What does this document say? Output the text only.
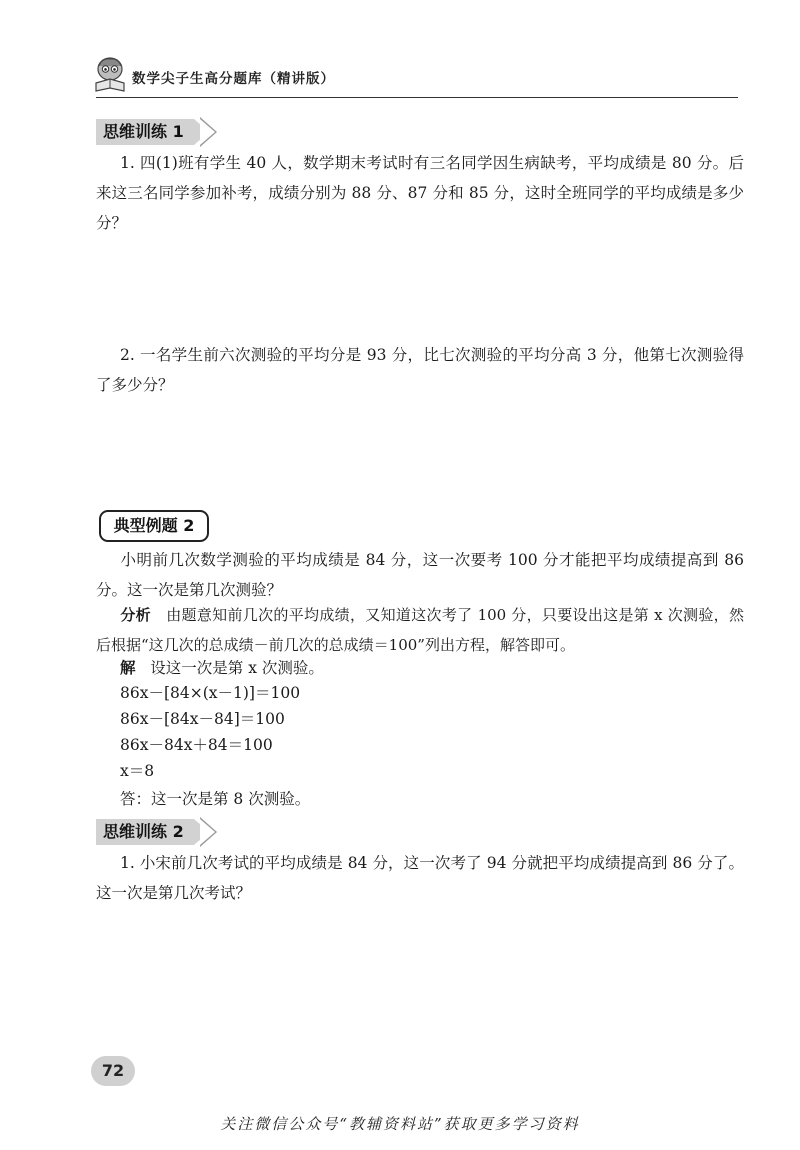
数学尖子生高分题库（精讲版）
思维训练 1
1. 四(1)班有学生 40 人，数学期末考试时有三名同学因生病缺考，平均成绩是 80 分。后来这三名同学参加补考，成绩分别为 88 分、87 分和 85 分，这时全班同学的平均成绩是多少分？
2. 一名学生前六次测验的平均分是 93 分，比七次测验的平均分高 3 分，他第七次测验得了多少分？
典型例题 2
小明前几次数学测验的平均成绩是 84 分，这一次要考 100 分才能把平均成绩提高到 86 分。这一次是第几次测验？
分析 由题意知前几次的平均成绩，又知道这次考了 100 分，只要设出这是第 x 次测验，然后根据“这几次的总成绩－前几次的总成绩＝100”列出方程，解答即可。
解 设这一次是第 x 次测验。
86x－[84×(x－1)]＝100
86x－[84x－84]＝100
86x－84x＋84＝100
x＝8
答：这一次是第 8 次测验。
思维训练 2
1. 小宋前几次考试的平均成绩是 84 分，这一次考了 94 分就把平均成绩提高到 86 分了。这一次是第几次考试？
72
关注微信公众号“教辅资料站”获取更多学习资料
